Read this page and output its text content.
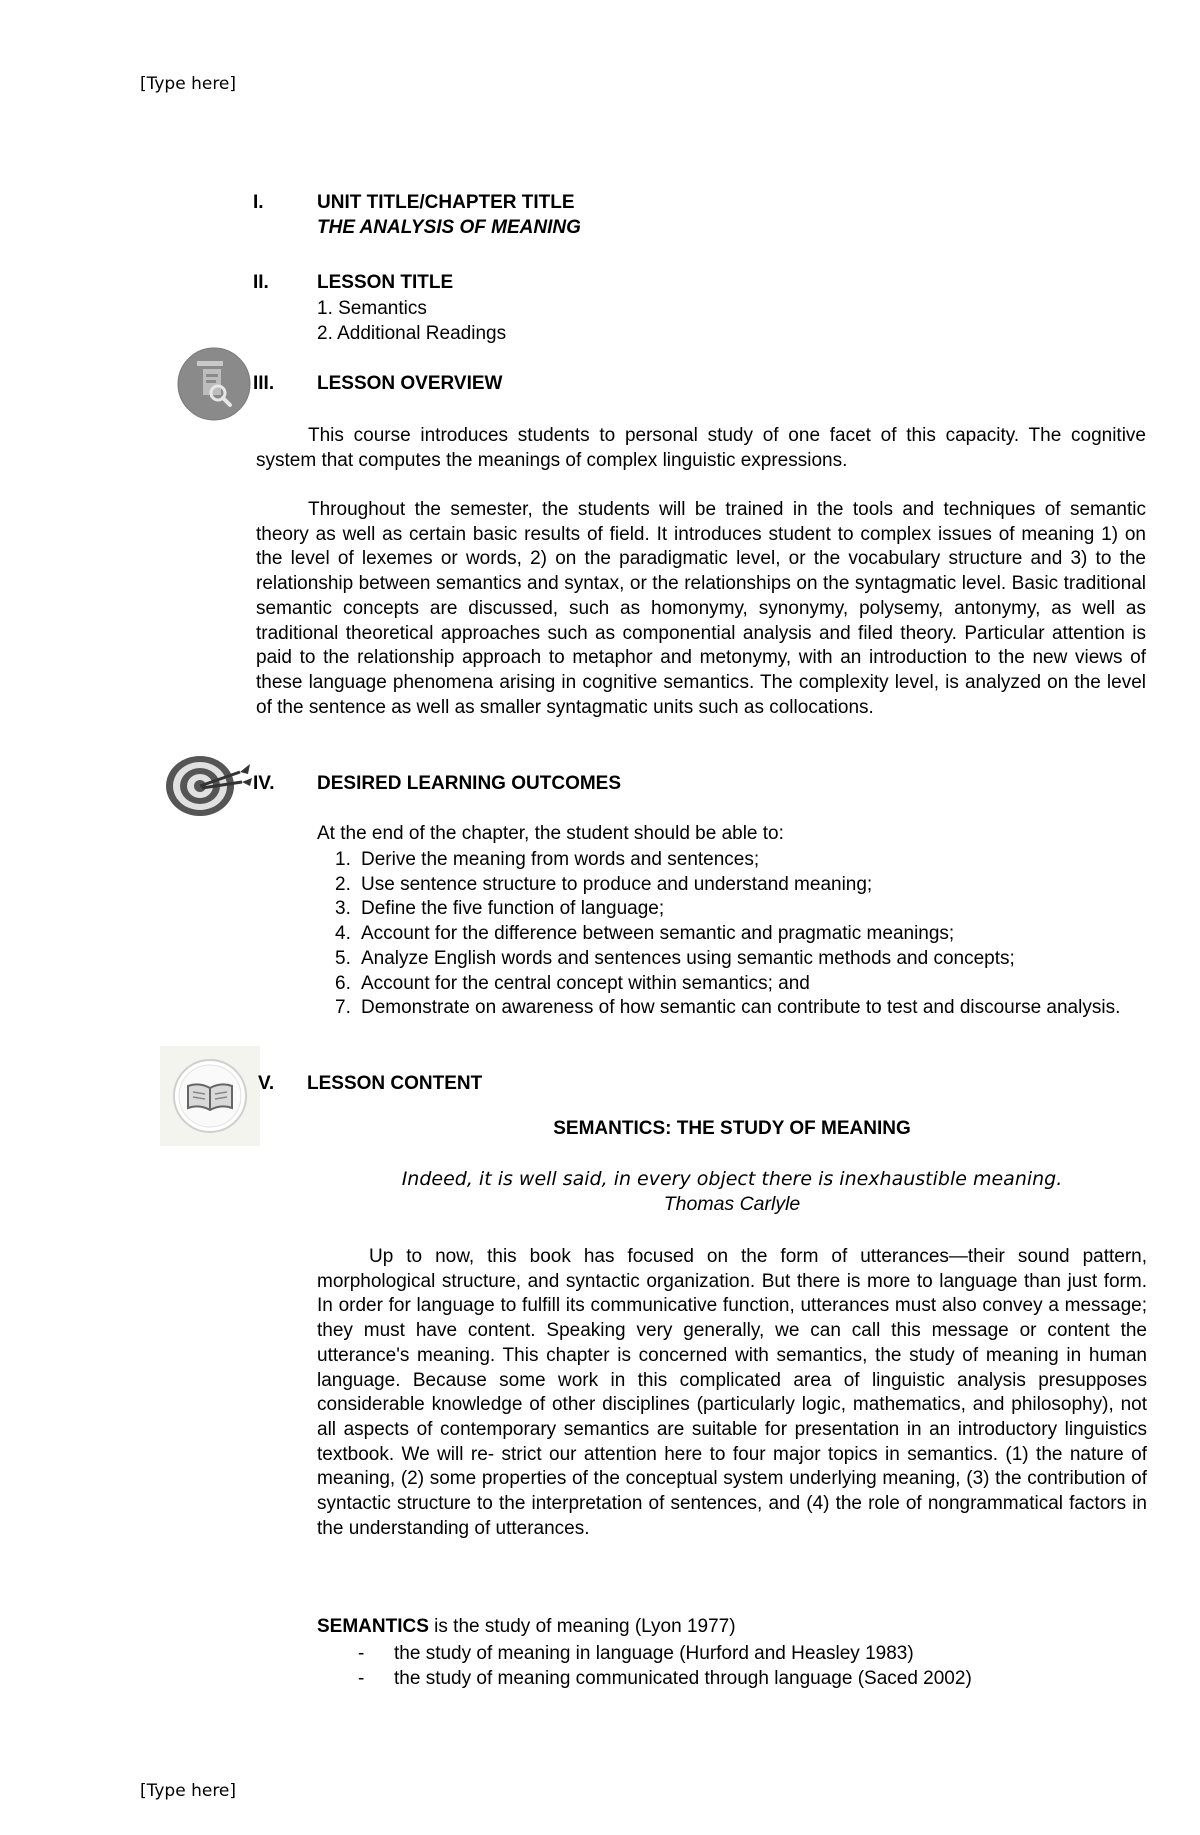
[Type here]
I.	UNIT TITLE/CHAPTER TITLE
THE ANALYSIS OF MEANING
II.	LESSON TITLE
1. Semantics
2. Additional Readings
III. LESSON OVERVIEW

This course introduces students to personal study of one facet of this capacity. The cognitive system that computes the meanings of complex linguistic expressions.

Throughout the semester, the students will be trained in the tools and techniques of semantic theory as well as certain basic results of field. It introduces student to complex issues of meaning 1) on the level of lexemes or words, 2) on the paradigmatic level, or the vocabulary structure and 3) to the relationship between semantics and syntax, or the relationships on the syntagmatic level. Basic traditional semantic concepts are discussed, such as homonymy, synonymy, polysemy, antonymy, as well as traditional theoretical approaches such as componential analysis and filed theory. Particular attention is paid to the relationship approach to metaphor and metonymy, with an introduction to the new views of these language phenomena arising in cognitive semantics. The complexity level, is analyzed on the level of the sentence as well as smaller syntagmatic units such as collocations.

IV. DESIRED LEARNING OUTCOMES
At the end of the chapter, the student should be able to:
1. Derive the meaning from words and sentences;
2. Use sentence structure to produce and understand meaning;
3. Define the five function of language;
4. Account for the difference between semantic and pragmatic meanings;
5. Analyze English words and sentences using semantic methods and concepts;
6. Account for the central concept within semantics; and
7. Demonstrate on awareness of how semantic can contribute to test and discourse analysis.
V. LESSON CONTENT
SEMANTICS: THE STUDY OF MEANING
Indeed, it is well said, in every object there is inexhaustible meaning.
Thomas Carlyle

Up to now, this book has focused on the form of utterances—their sound pattern, morphological structure, and syntactic organization. But there is more to language than just form. In order for language to fulfill its communicative function, utterances must also convey a message; they must have content. Speaking very generally, we can call this message or content the utterance's meaning. This chapter is concerned with semantics, the study of meaning in human language. Because some work in this complicated area of linguistic analysis presupposes considerable knowledge of other disciplines (particularly logic, mathematics, and philosophy), not all aspects of contemporary semantics are suitable for presentation in an introductory linguistics textbook. We will re- strict our attention here to four major topics in semantics. (1) the nature of meaning, (2) some properties of the conceptual system underlying meaning, (3) the contribution of syntactic structure to the interpretation of sentences, and (4) the role of nongrammatical factors in the understanding of utterances.

SEMANTICS is the study of meaning (Lyon 1977)
- the study of meaning in language (Hurford and Heasley 1983)
- the study of meaning communicated through language (Saced 2002)
[Type here]
